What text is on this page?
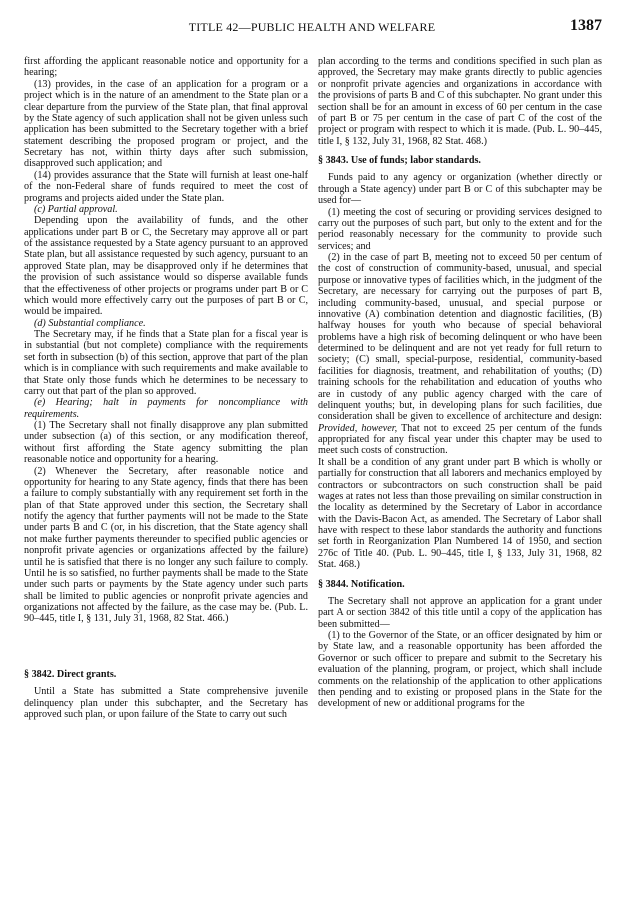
TITLE 42—PUBLIC HEALTH AND WELFARE	1387

first affording the applicant reasonable notice and opportunity for a hearing;

(13) provides, in the case of an application for a program or a project which is in the nature of an amendment to the State plan or a clear departure from the purview of the State plan, that final approval by the State agency of such application shall not be given unless such application has been submitted to the Secretary together with a brief statement describing the proposed program or project, and the Secretary has not, within thirty days after such submission, disapproved such application; and

(14) provides assurance that the State will furnish at least one-half of the non-Federal share of funds required to meet the cost of programs and projects aided under the State plan.

(c) Partial approval.

Depending upon the availability of funds, and the other applications under part B or C, the Secretary may approve all or part of the assistance requested by a State agency pursuant to an approved State plan, but all assistance requested by such agency, pursuant to an approved State plan, may be disapproved only if he determines that the provision of such assistance would so disperse available funds that the effectiveness of other projects or programs under part B or C which would more effectively carry out the purposes of part B or C, would be impaired.

(d) Substantial compliance.

The Secretary may, if he finds that a State plan for a fiscal year is in substantial (but not complete) compliance with the requirements set forth in subsection (b) of this section, approve that part of the plan which is in compliance with such requirements and make available to that State only those funds which he determines to be necessary to carry out that part of the plan so approved.

(e) Hearing; halt in payments for noncompliance with requirements.

(1) The Secretary shall not finally disapprove any plan submitted under subsection (a) of this section, or any modification thereof, without first affording the State agency submitting the plan reasonable notice and opportunity for a hearing.

(2) Whenever the Secretary, after reasonable notice and opportunity for hearing to any State agency, finds that there has been a failure to comply substantially with any requirement set forth in the plan of that State approved under this section, the Secretary shall notify the agency that further payments will not be made to the State under parts B and C (or, in his discretion, that the State agency shall not make further payments thereunder to specified public agencies or nonprofit private agencies or organizations affected by the failure) until he is satisfied that there is no longer any such failure to comply. Until he is so satisfied, no further payments shall be made to the State under such parts or payments by the State agency under such parts shall be limited to public agencies or nonprofit private agencies and organizations not affected by the failure, as the case may be. (Pub. L. 90–445, title I, § 131, July 31, 1968, 82 Stat. 466.)

§ 3842. Direct grants.

Until a State has submitted a State comprehensive juvenile delinquency plan under this subchapter, and the Secretary has approved such plan, or upon failure of the State to carry out such

plan according to the terms and conditions specified in such plan as approved, the Secretary may make grants directly to public agencies or nonprofit private agencies and organizations in accordance with the provisions of parts B and C of this subchapter. No grant under this section shall be for an amount in excess of 60 per centum in the case of part B or 75 per centum in the case of part C of the cost of the project or program with respect to which it is made. (Pub. L. 90–445, title I, § 132, July 31, 1968, 82 Stat. 468.)

§ 3843. Use of funds; labor standards.

Funds paid to any agency or organization (whether directly or through a State agency) under part B or C of this subchapter may be used for—

(1) meeting the cost of securing or providing services designed to carry out the purposes of such part, but only to the extent and for the period reasonably necessary for the community to provide such services; and

(2) in the case of part B, meeting not to exceed 50 per centum of the cost of construction of community-based, unusual, and special purpose or innovative types of facilities which, in the judgment of the Secretary, are necessary for carrying out the purposes of part B, including community-based, unusual, and special purpose or innovative (A) combination detention and diagnostic facilities, (B) halfway houses for youth who because of special behavioral problems have a high risk of becoming delinquent or who have been determined to be delinquent and are not yet ready for full return to society; (C) small, special-purpose, residential, community-based facilities for diagnosis, treatment, and rehabilitation of youths; (D) training schools for the rehabilitation and education of youths who are in custody of any public agency charged with the care of delinquent youths; but, in developing plans for such facilities, due consideration shall be given to excellence of architecture and design: Provided, however, That not to exceed 25 per centum of the funds appropriated for any fiscal year under this chapter may be used to meet such costs of construction.

It shall be a condition of any grant under part B which is wholly or partially for construction that all laborers and mechanics employed by contractors or subcontractors on such construction shall be paid wages at rates not less than those prevailing on similar construction in the locality as determined by the Secretary of Labor in accordance with the Davis-Bacon Act, as amended. The Secretary of Labor shall have with respect to these labor standards the authority and functions set forth in Reorganization Plan Numbered 14 of 1950, and section 276c of Title 40. (Pub. L. 90–445, title I, § 133, July 31, 1968, 82 Stat. 468.)

§ 3844. Notification.

The Secretary shall not approve an application for a grant under part A or section 3842 of this title until a copy of the application has been submitted—

(1) to the Governor of the State, or an officer designated by him or by State law, and a reasonable opportunity has been afforded the Governor or such officer to prepare and submit to the Secretary his evaluation of the planning, program, or project, which shall include comments on the relationship of the application to other applications then pending and to existing or proposed plans in the State for the development of new or additional programs for the
